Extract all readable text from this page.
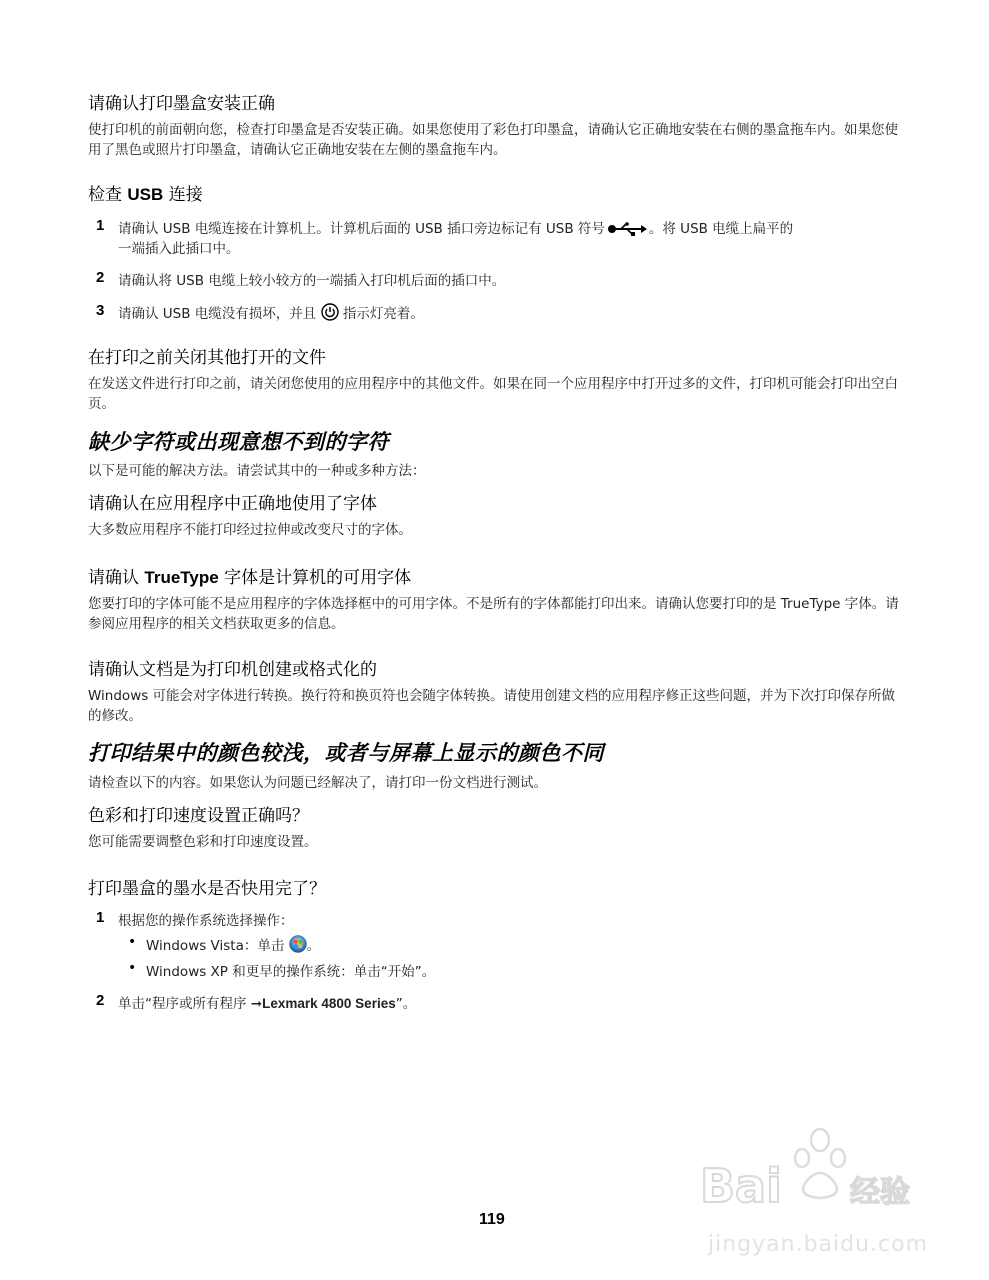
请确认打印墨盒安装正确
使打印机的前面朝向您，检查打印墨盒是否安装正确。如果您使用了彩色打印墨盒，请确认它正确地安装在右侧的墨盒拖车内。如果您使用了黑色或照片打印墨盒，请确认它正确地安装在左侧的墨盒拖车内。
检查 USB 连接
1 请确认 USB 电缆连接在计算机上。计算机后面的 USB 插口旁边标记有 USB 符号	。将 USB 电缆上扁平的
一端插入此插口中。
2 请确认将 USB 电缆上较小较方的一端插入打印机后面的插口中。
3 请确认 USB 电缆没有损坏，并且 指示灯亮着。
在打印之前关闭其他打开的文件
在发送文件进行打印之前，请关闭您使用的应用程序中的其他文件。如果在同一个应用程序中打开过多的文件，打印机可能会打印出空白页。
缺少字符或出现意想不到的字符
以下是可能的解决方法。请尝试其中的一种或多种方法：
请确认在应用程序中正确地使用了字体
大多数应用程序不能打印经过拉伸或改变尺寸的字体。
请确认 TrueType 字体是计算机的可用字体
您要打印的字体可能不是应用程序的字体选择框中的可用字体。不是所有的字体都能打印出来。请确认您要打印的是 TrueType 字体。请参阅应用程序的相关文档获取更多的信息。
请确认文档是为打印机创建或格式化的
Windows 可能会对字体进行转换。换行符和换页符也会随字体转换。请使用创建文档的应用程序修正这些问题，并为下次打印保存所做的修改。
打印结果中的颜色较浅，或者与屏幕上显示的颜色不同
请检查以下的内容。如果您认为问题已经解决了，请打印一份文档进行测试。
色彩和打印速度设置正确吗？
您可能需要调整色彩和打印速度设置。
打印墨盒的墨水是否快用完了？
1 根据您的操作系统选择操作：
• Windows Vista：单击 。
• Windows XP 和更早的操作系统：单击“开始”。
2 单击“程序或所有程序 ➞Lexmark 4800 Series”。
119
Bai 经验
jingyan.baidu.com
